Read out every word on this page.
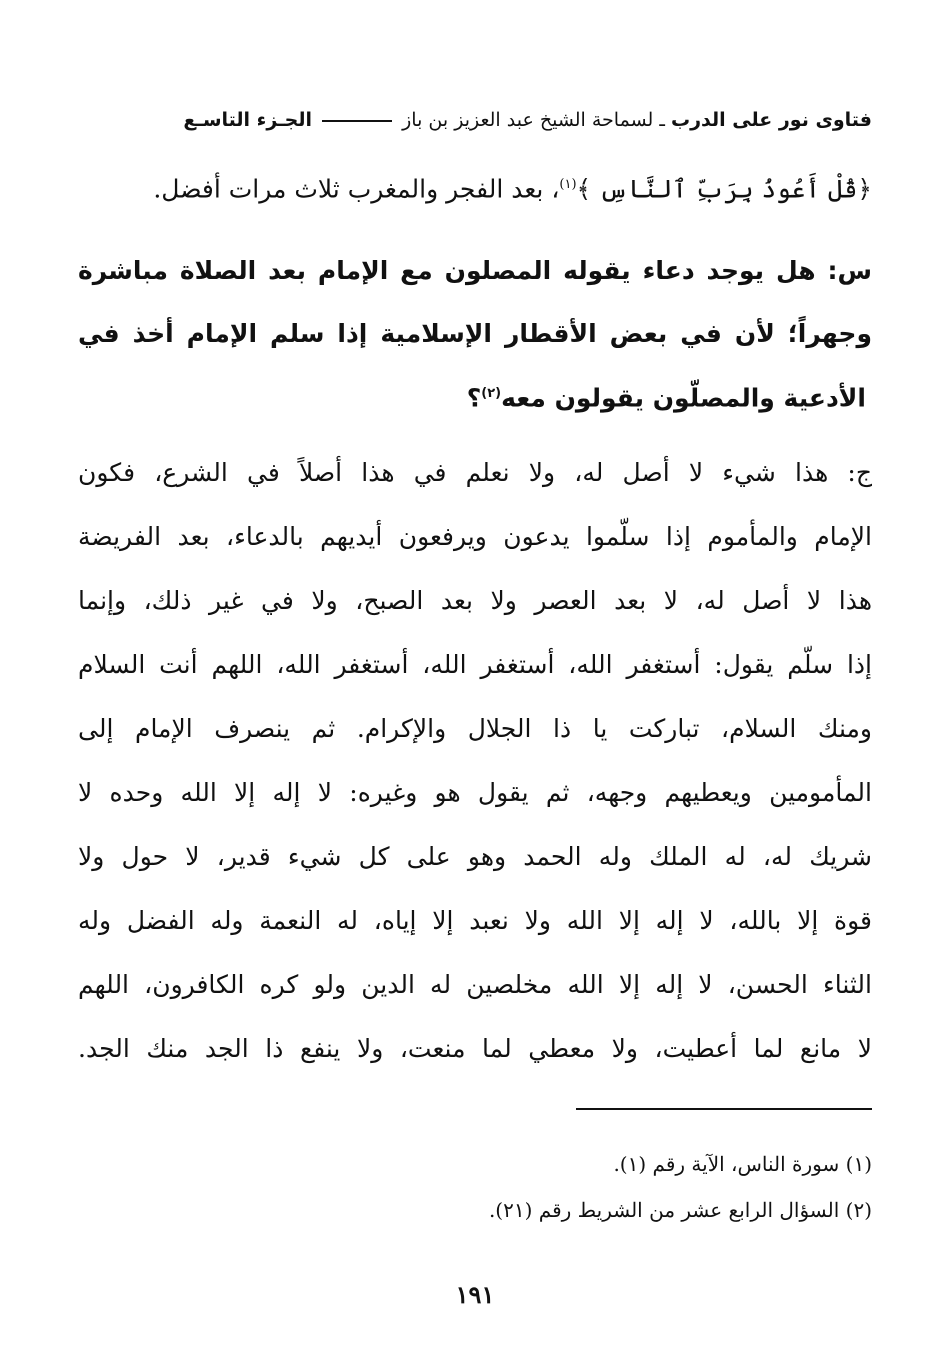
فتاوى نور على الدرب ـ لسماحة الشيخ عبد العزيز بن باز  الجـزء التاسـع
﴿قُلْ أَعُوذُ بِرَبِّ ٱلنَّاسِ ﴾$^{(١)}$، بعد الفجر والمغرب ثلاث مرات أفضل.
س: هل يوجد دعاء يقوله المصلون مع الإمام بعد الصلاة مباشرة
وجهراً؛ لأن في بعض الأقطار الإسلامية إذا سلم الإمام أخذ في
الأدعية والمصلّون يقولون معه$^{(٢)}$؟
ج: هذا شيء لا أصل له، ولا نعلم في هذا أصلاً في الشرع، فكون
الإمام والمأموم إذا سلّموا يدعون ويرفعون أيديهم بالدعاء، بعد الفريضة
هذا لا أصل له، لا بعد العصر ولا بعد الصبح، ولا في غير ذلك، وإنما
إذا سلّم يقول: أستغفر الله، أستغفر الله، أستغفر الله، اللهم أنت السلام
ومنك السلام، تباركت يا ذا الجلال والإكرام. ثم ينصرف الإمام إلى
المأمومين ويعطيهم وجهه، ثم يقول هو وغيره: لا إله إلا الله وحده لا
شريك له، له الملك وله الحمد وهو على كل شيء قدير، لا حول ولا
قوة إلا بالله، لا إله إلا الله ولا نعبد إلا إياه، له النعمة وله الفضل وله
الثناء الحسن، لا إله إلا الله مخلصين له الدين ولو كره الكافرون، اللهم
لا مانع لما أعطيت، ولا معطي لما منعت، ولا ينفع ذا الجد منك الجد.
(١) سورة الناس، الآية رقم (١).
(٢) السؤال الرابع عشر من الشريط رقم (٢١).
١٩١
